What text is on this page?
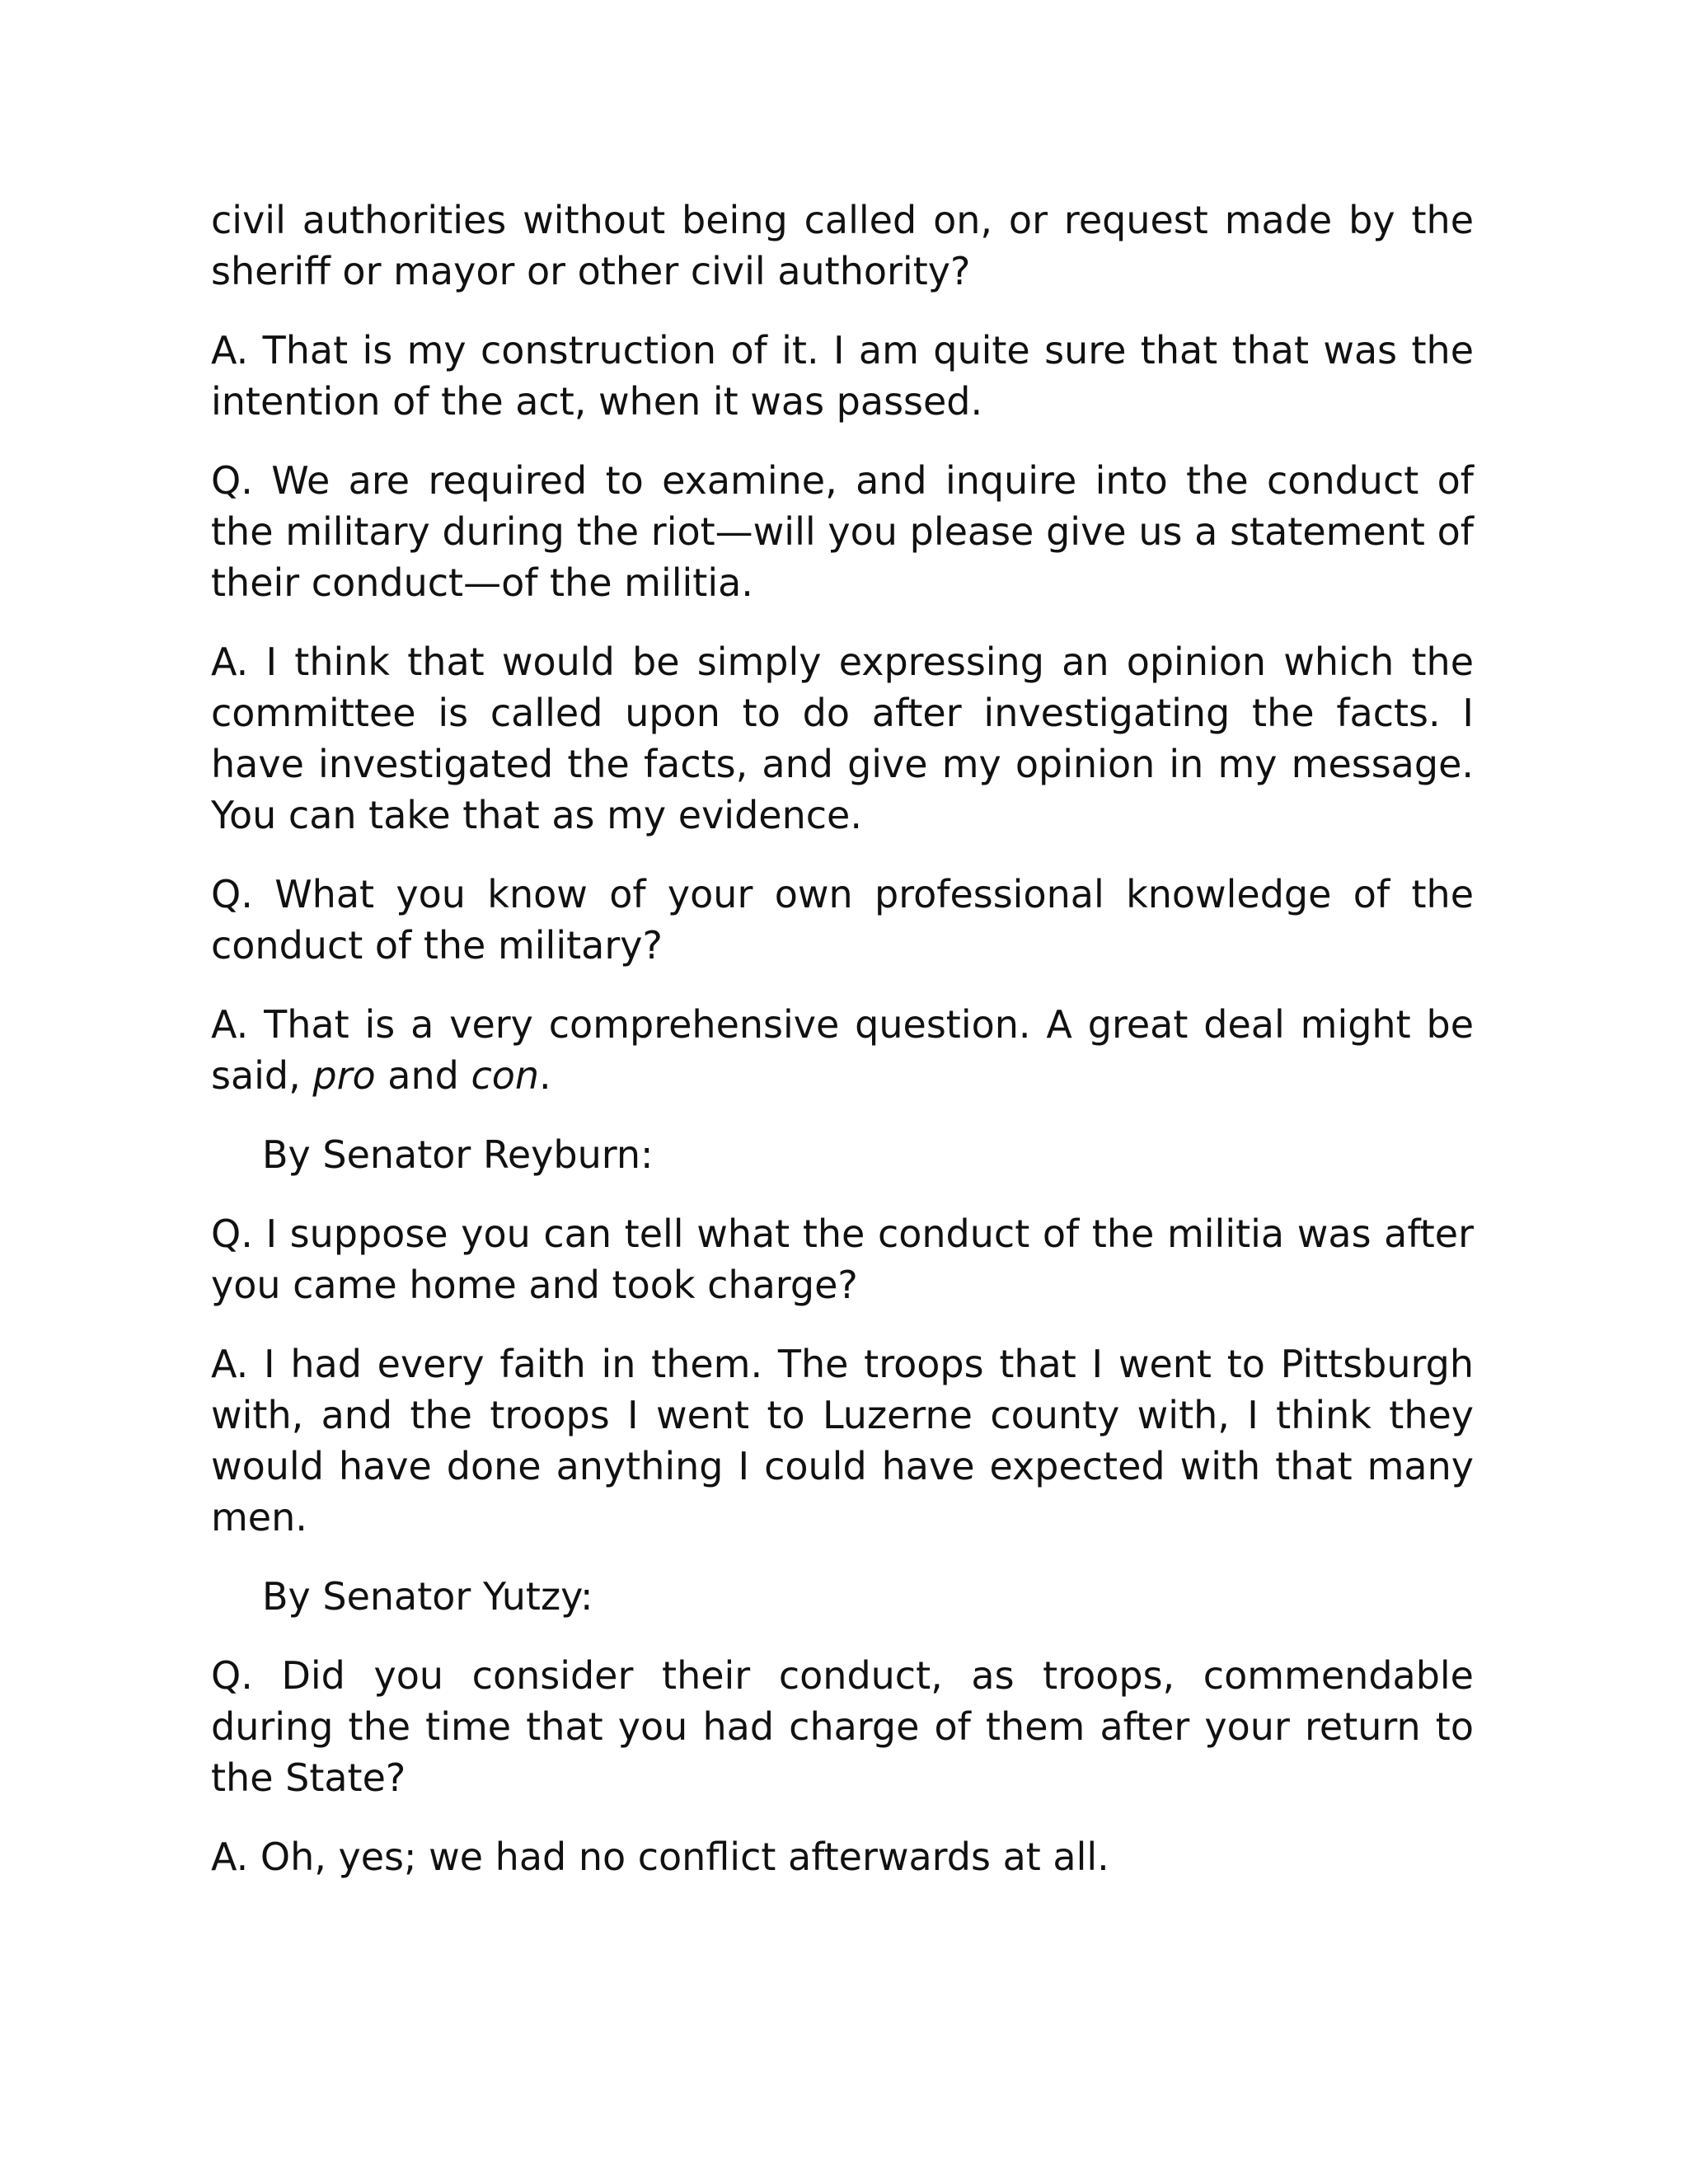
civil authorities without being called on, or request made by the sheriff or mayor or other civil authority?

A. That is my construction of it. I am quite sure that that was the intention of the act, when it was passed.

Q. We are required to examine, and inquire into the conduct of the military during the riot—will you please give us a statement of their conduct—of the militia.

A. I think that would be simply expressing an opinion which the committee is called upon to do after investigating the facts. I have investigated the facts, and give my opinion in my message. You can take that as my evidence.

Q. What you know of your own professional knowledge of the conduct of the military?

A. That is a very comprehensive question. A great deal might be said, pro and con.

By Senator Reyburn:

Q. I suppose you can tell what the conduct of the militia was after you came home and took charge?

A. I had every faith in them. The troops that I went to Pittsburgh with, and the troops I went to Luzerne county with, I think they would have done anything I could have expected with that many men.

By Senator Yutzy:

Q. Did you consider their conduct, as troops, commendable during the time that you had charge of them after your return to the State?

A. Oh, yes; we had no conflict afterwards at all.
